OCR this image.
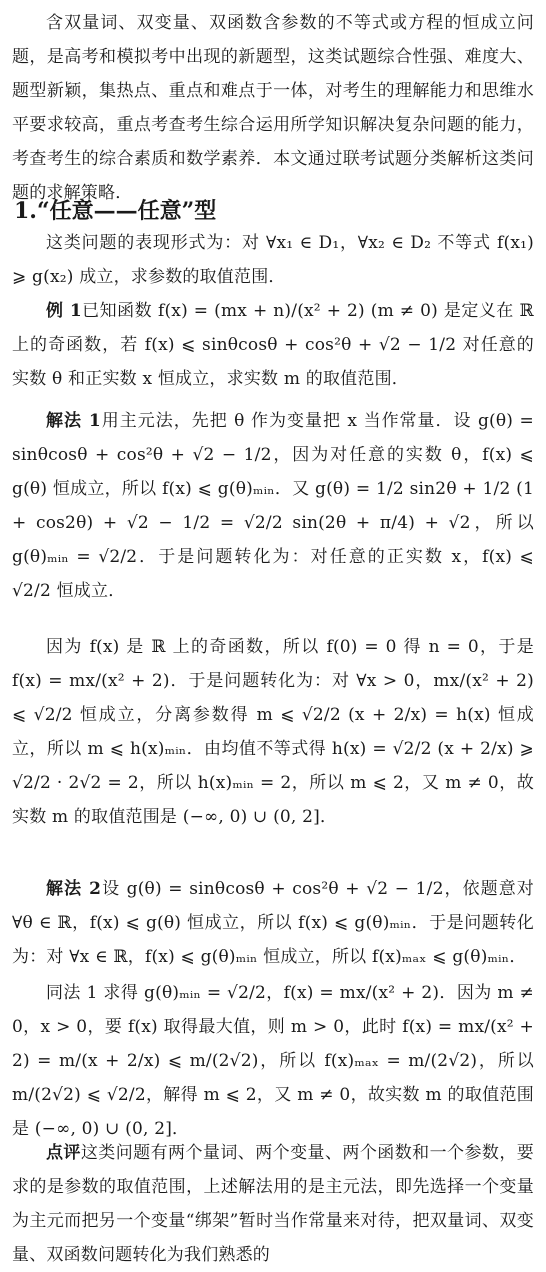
含双量词、双变量、双函数含参数的不等式或方程的恒成立问题，是高考和模拟考中出现的新题型，这类试题综合性强、难度大、题型新颖，集热点、重点和难点于一体，对考生的理解能力和思维水平要求较高，重点考查考生综合运用所学知识解决复杂问题的能力，考查考生的综合素质和数学素养．本文通过联考试题分类解析这类问题的求解策略．

1.“任意——任意”型

这类问题的表现形式为：对 ∀x₁ ∈ D₁，∀x₂ ∈ D₂ 不等式 f(x₁) ⩾ g(x₂) 成立，求参数的取值范围．

例 1已知函数 f(x) = (mx + n)/(x² + 2) (m ≠ 0) 是定义在 ℝ 上的奇函数，若 f(x) ⩽ sinθcosθ + cos²θ + √2 − 1/2 对任意的实数 θ 和正实数 x 恒成立，求实数 m 的取值范围．

解法 1用主元法，先把 θ 作为变量把 x 当作常量．设 g(θ) = sinθcosθ + cos²θ + √2 − 1/2，因为对任意的实数 θ，f(x) ⩽ g(θ) 恒成立，所以 f(x) ⩽ g(θ)ₘᵢₙ．又 g(θ) = 1/2 sin2θ + 1/2 (1 + cos2θ) + √2 − 1/2 = √2/2 sin(2θ + π/4) + √2，所以 g(θ)ₘᵢₙ = √2/2．于是问题转化为：对任意的正实数 x，f(x) ⩽ √2/2 恒成立．

因为 f(x) 是 ℝ 上的奇函数，所以 f(0) = 0 得 n = 0，于是 f(x) = mx/(x² + 2)．于是问题转化为：对 ∀x > 0，mx/(x² + 2) ⩽ √2/2 恒成立，分离参数得 m ⩽ √2/2 (x + 2/x) = h(x) 恒成立，所以 m ⩽ h(x)ₘᵢₙ．由均值不等式得 h(x) = √2/2 (x + 2/x) ⩾ √2/2 · 2√2 = 2，所以 h(x)ₘᵢₙ = 2，所以 m ⩽ 2，又 m ≠ 0，故实数 m 的取值范围是 (−∞, 0) ∪ (0, 2]．

解法 2设 g(θ) = sinθcosθ + cos²θ + √2 − 1/2，依题意对 ∀θ ∈ ℝ，f(x) ⩽ g(θ) 恒成立，所以 f(x) ⩽ g(θ)ₘᵢₙ．于是问题转化为：对 ∀x ∈ ℝ，f(x) ⩽ g(θ)ₘᵢₙ 恒成立，所以 f(x)ₘₐₓ ⩽ g(θ)ₘᵢₙ．

同法 1 求得 g(θ)ₘᵢₙ = √2/2，f(x) = mx/(x² + 2)．因为 m ≠ 0，x > 0，要 f(x) 取得最大值，则 m > 0，此时 f(x) = mx/(x² + 2) = m/(x + 2/x) ⩽ m/(2√2)，所以 f(x)ₘₐₓ = m/(2√2)，所以 m/(2√2) ⩽ √2/2，解得 m ⩽ 2，又 m ≠ 0，故实数 m 的取值范围是 (−∞, 0) ∪ (0, 2]．

点评这类问题有两个量词、两个变量、两个函数和一个参数，要求的是参数的取值范围，上述解法用的是主元法，即先选择一个变量为主元而把另一个变量“绑架”暂时当作常量来对待，把双量词、双变量、双函数问题转化为我们熟悉的
